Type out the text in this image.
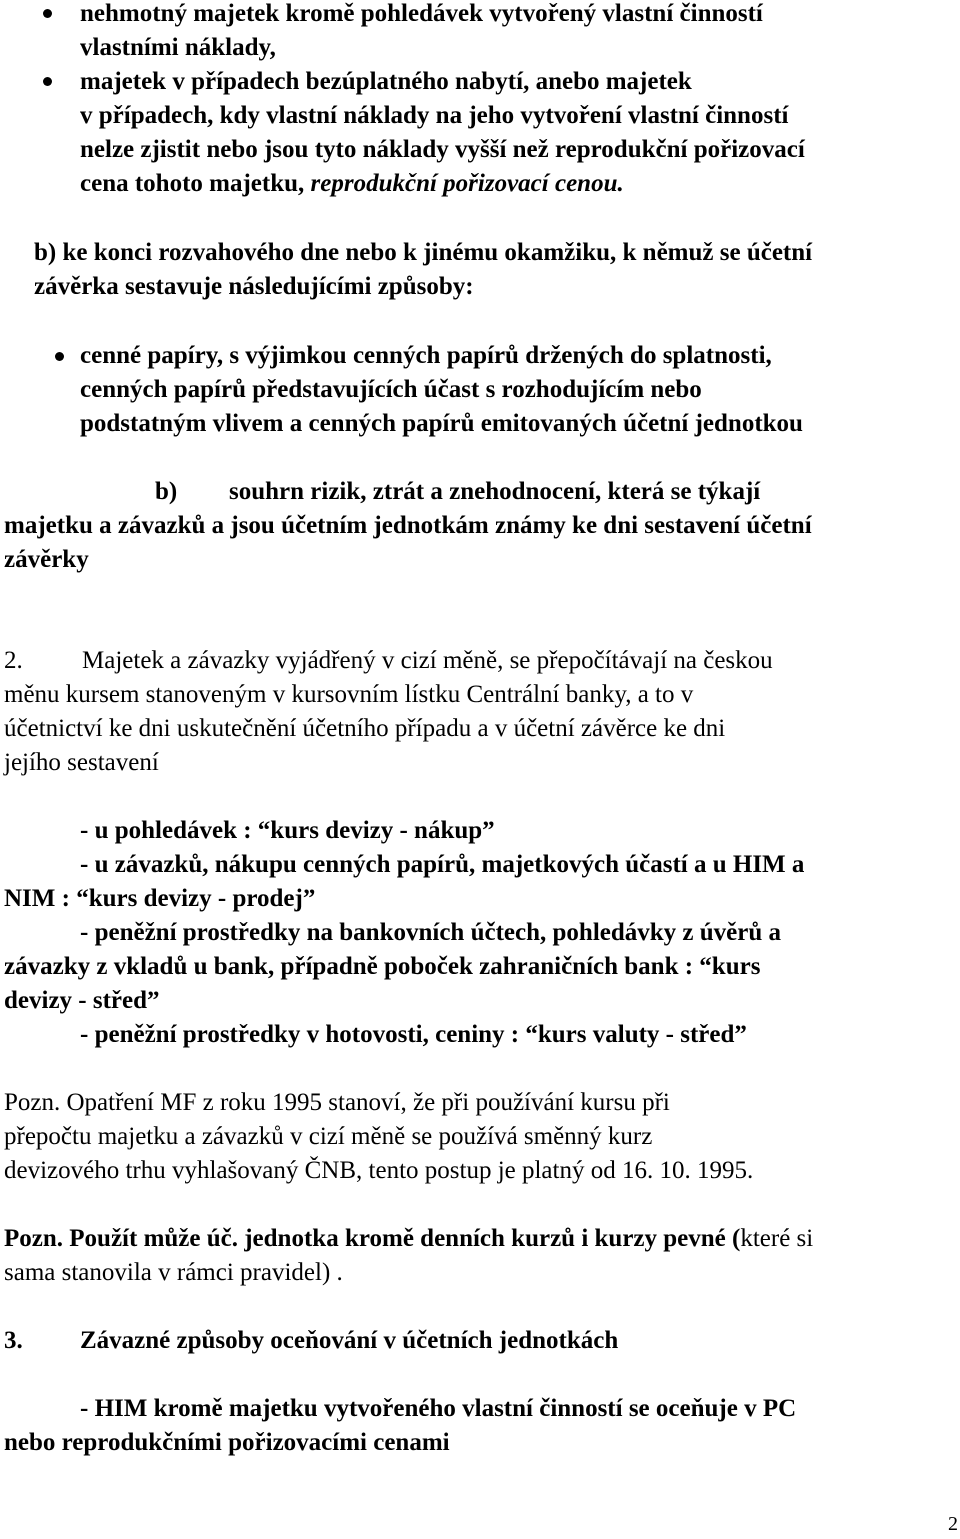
nehmotný majetek kromě pohledávek vytvořený vlastní činností
vlastními náklady,
majetek v případech bezúplatného nabytí, anebo majetek
v případech, kdy vlastní náklady na jeho vytvoření vlastní činností
nelze zjistit nebo jsou tyto náklady vyšší než reprodukční pořizovací
cena tohoto majetku, reprodukční pořizovací cenou.
b) ke konci rozvahového dne nebo k jinému okamžiku, k němuž se účetní
závěrka sestavuje následujícími způsoby:
cenné papíry, s výjimkou cenných papírů držených do splatnosti,
cenných papírů představujících účast s rozhodujícím nebo
podstatným vlivem a cenných papírů emitovaných účetní jednotkou
b) souhrn rizik, ztrát a znehodnocení, která se týkají
majetku a závazků a jsou účetním jednotkám známy ke dni sestavení účetní
závěrky
2. Majetek a závazky vyjádřený v cizí měně, se přepočítávají na českou
měnu kursem stanoveným v kursovním lístku Centrální banky, a to v
účetnictví ke dni uskutečnění účetního případu a v účetní závěrce ke dni
jejího sestavení
- u pohledávek : “kurs devizy - nákup”
- u závazků, nákupu cenných papírů, majetkových účastí a u HIM a
NIM : “kurs devizy - prodej”
- peněžní prostředky na bankovních účtech, pohledávky z úvěrů a
závazky z vkladů u bank, případně poboček zahraničních bank : “kurs
devizy - střed”
- peněžní prostředky v hotovosti, ceniny : “kurs valuty - střed”
Pozn. Opatření MF z roku 1995 stanoví, že při používání kursu při
přepočtu majetku a závazků v cizí měně se používá směnný kurz
devizového trhu vyhlašovaný ČNB, tento postup je platný od 16. 10. 1995.
Pozn. Použít může úč. jednotka kromě denních kurzů i kurzy pevné (které si
sama stanovila v rámci pravidel) .
3. Závazné způsoby oceňování v účetních jednotkách
- HIM kromě majetku vytvořeného vlastní činností se oceňuje v PC
nebo reprodukčními pořizovacími cenami
2
